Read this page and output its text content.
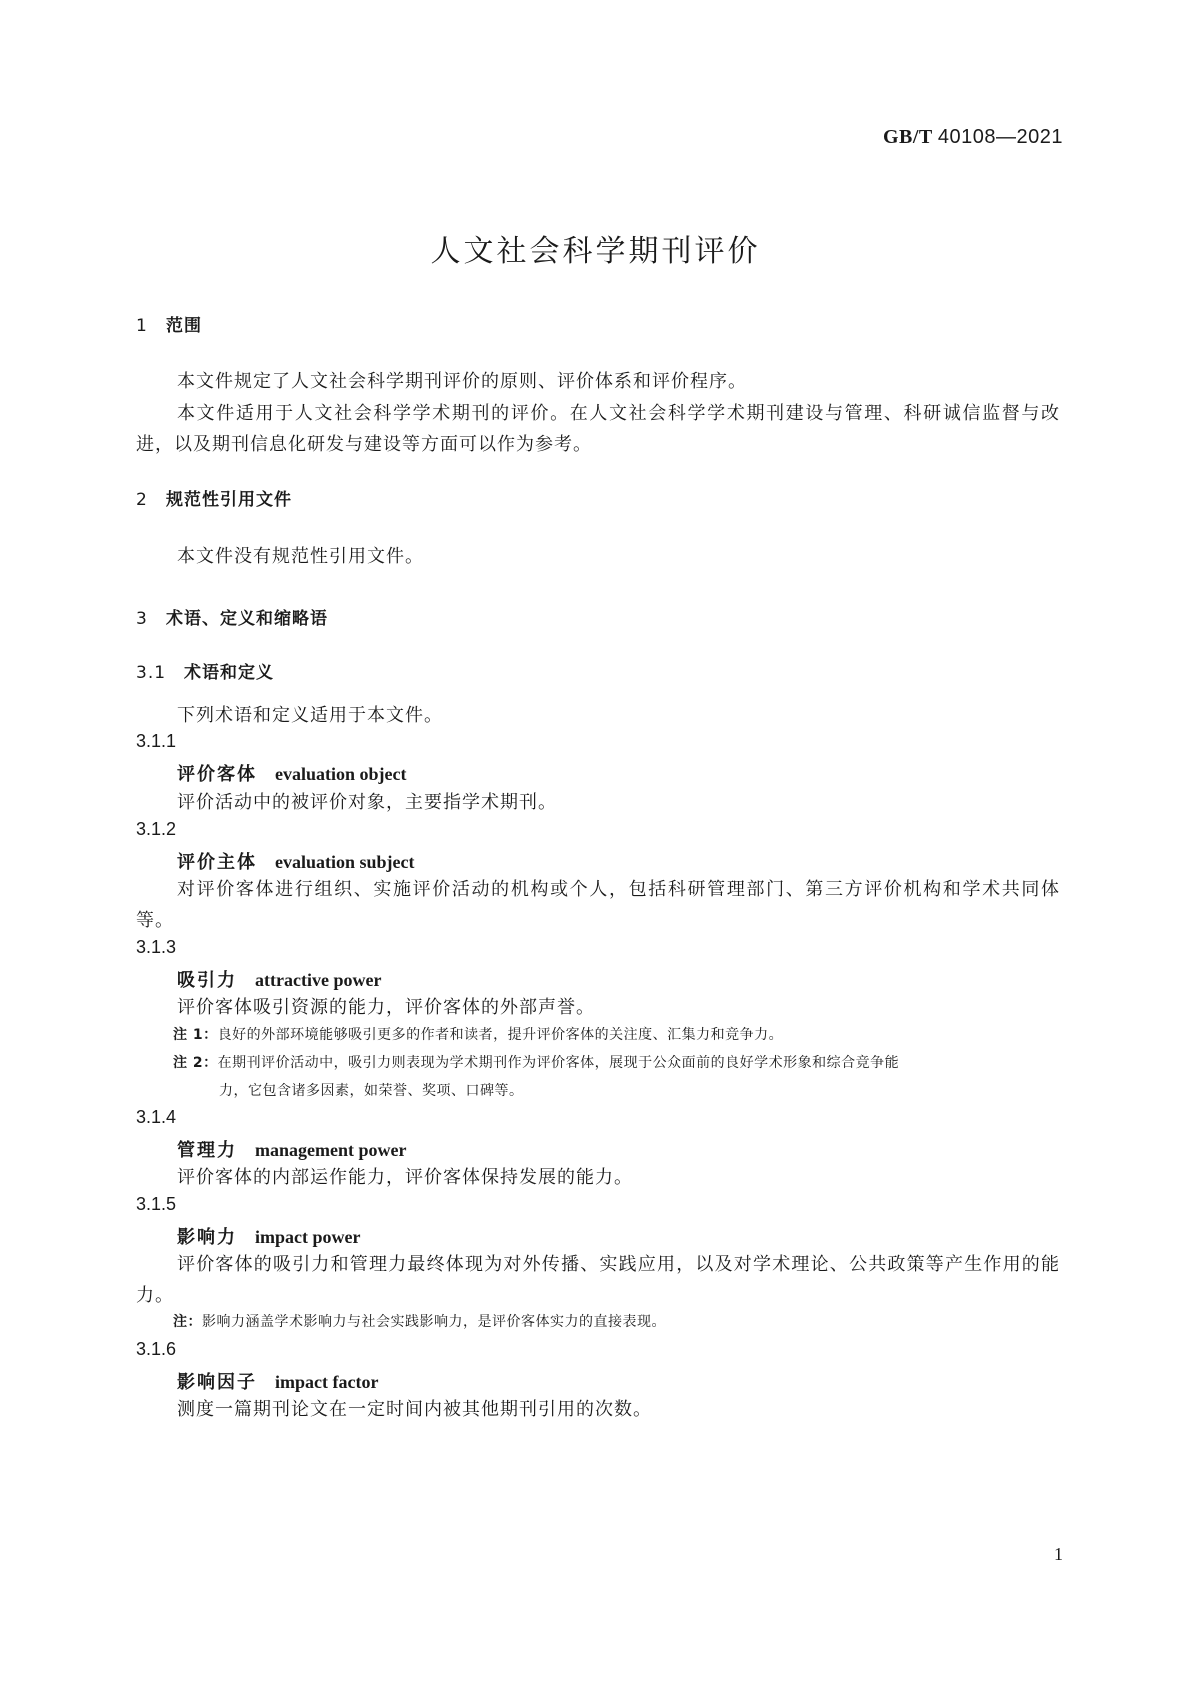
GB/T 40108—2021
人文社会科学期刊评价
1 范围
本文件规定了人文社会科学期刊评价的原则、评价体系和评价程序。
本文件适用于人文社会科学学术期刊的评价。在人文社会科学学术期刊建设与管理、科研诚信监督与改进，以及期刊信息化研发与建设等方面可以作为参考。
2 规范性引用文件
本文件没有规范性引用文件。
3 术语、定义和缩略语
3.1 术语和定义
下列术语和定义适用于本文件。
3.1.1
评价客体 evaluation object
评价活动中的被评价对象，主要指学术期刊。
3.1.2
评价主体 evaluation subject
对评价客体进行组织、实施评价活动的机构或个人，包括科研管理部门、第三方评价机构和学术共同体等。
3.1.3
吸引力 attractive power
评价客体吸引资源的能力，评价客体的外部声誉。
注 1：良好的外部环境能够吸引更多的作者和读者，提升评价客体的关注度、汇集力和竞争力。
注 2：在期刊评价活动中，吸引力则表现为学术期刊作为评价客体，展现于公众面前的良好学术形象和综合竞争能
力，它包含诸多因素，如荣誉、奖项、口碑等。
3.1.4
管理力 management power
评价客体的内部运作能力，评价客体保持发展的能力。
3.1.5
影响力 impact power
评价客体的吸引力和管理力最终体现为对外传播、实践应用，以及对学术理论、公共政策等产生作用的能力。
注：影响力涵盖学术影响力与社会实践影响力，是评价客体实力的直接表现。
3.1.6
影响因子 impact factor
测度一篇期刊论文在一定时间内被其他期刊引用的次数。
1
